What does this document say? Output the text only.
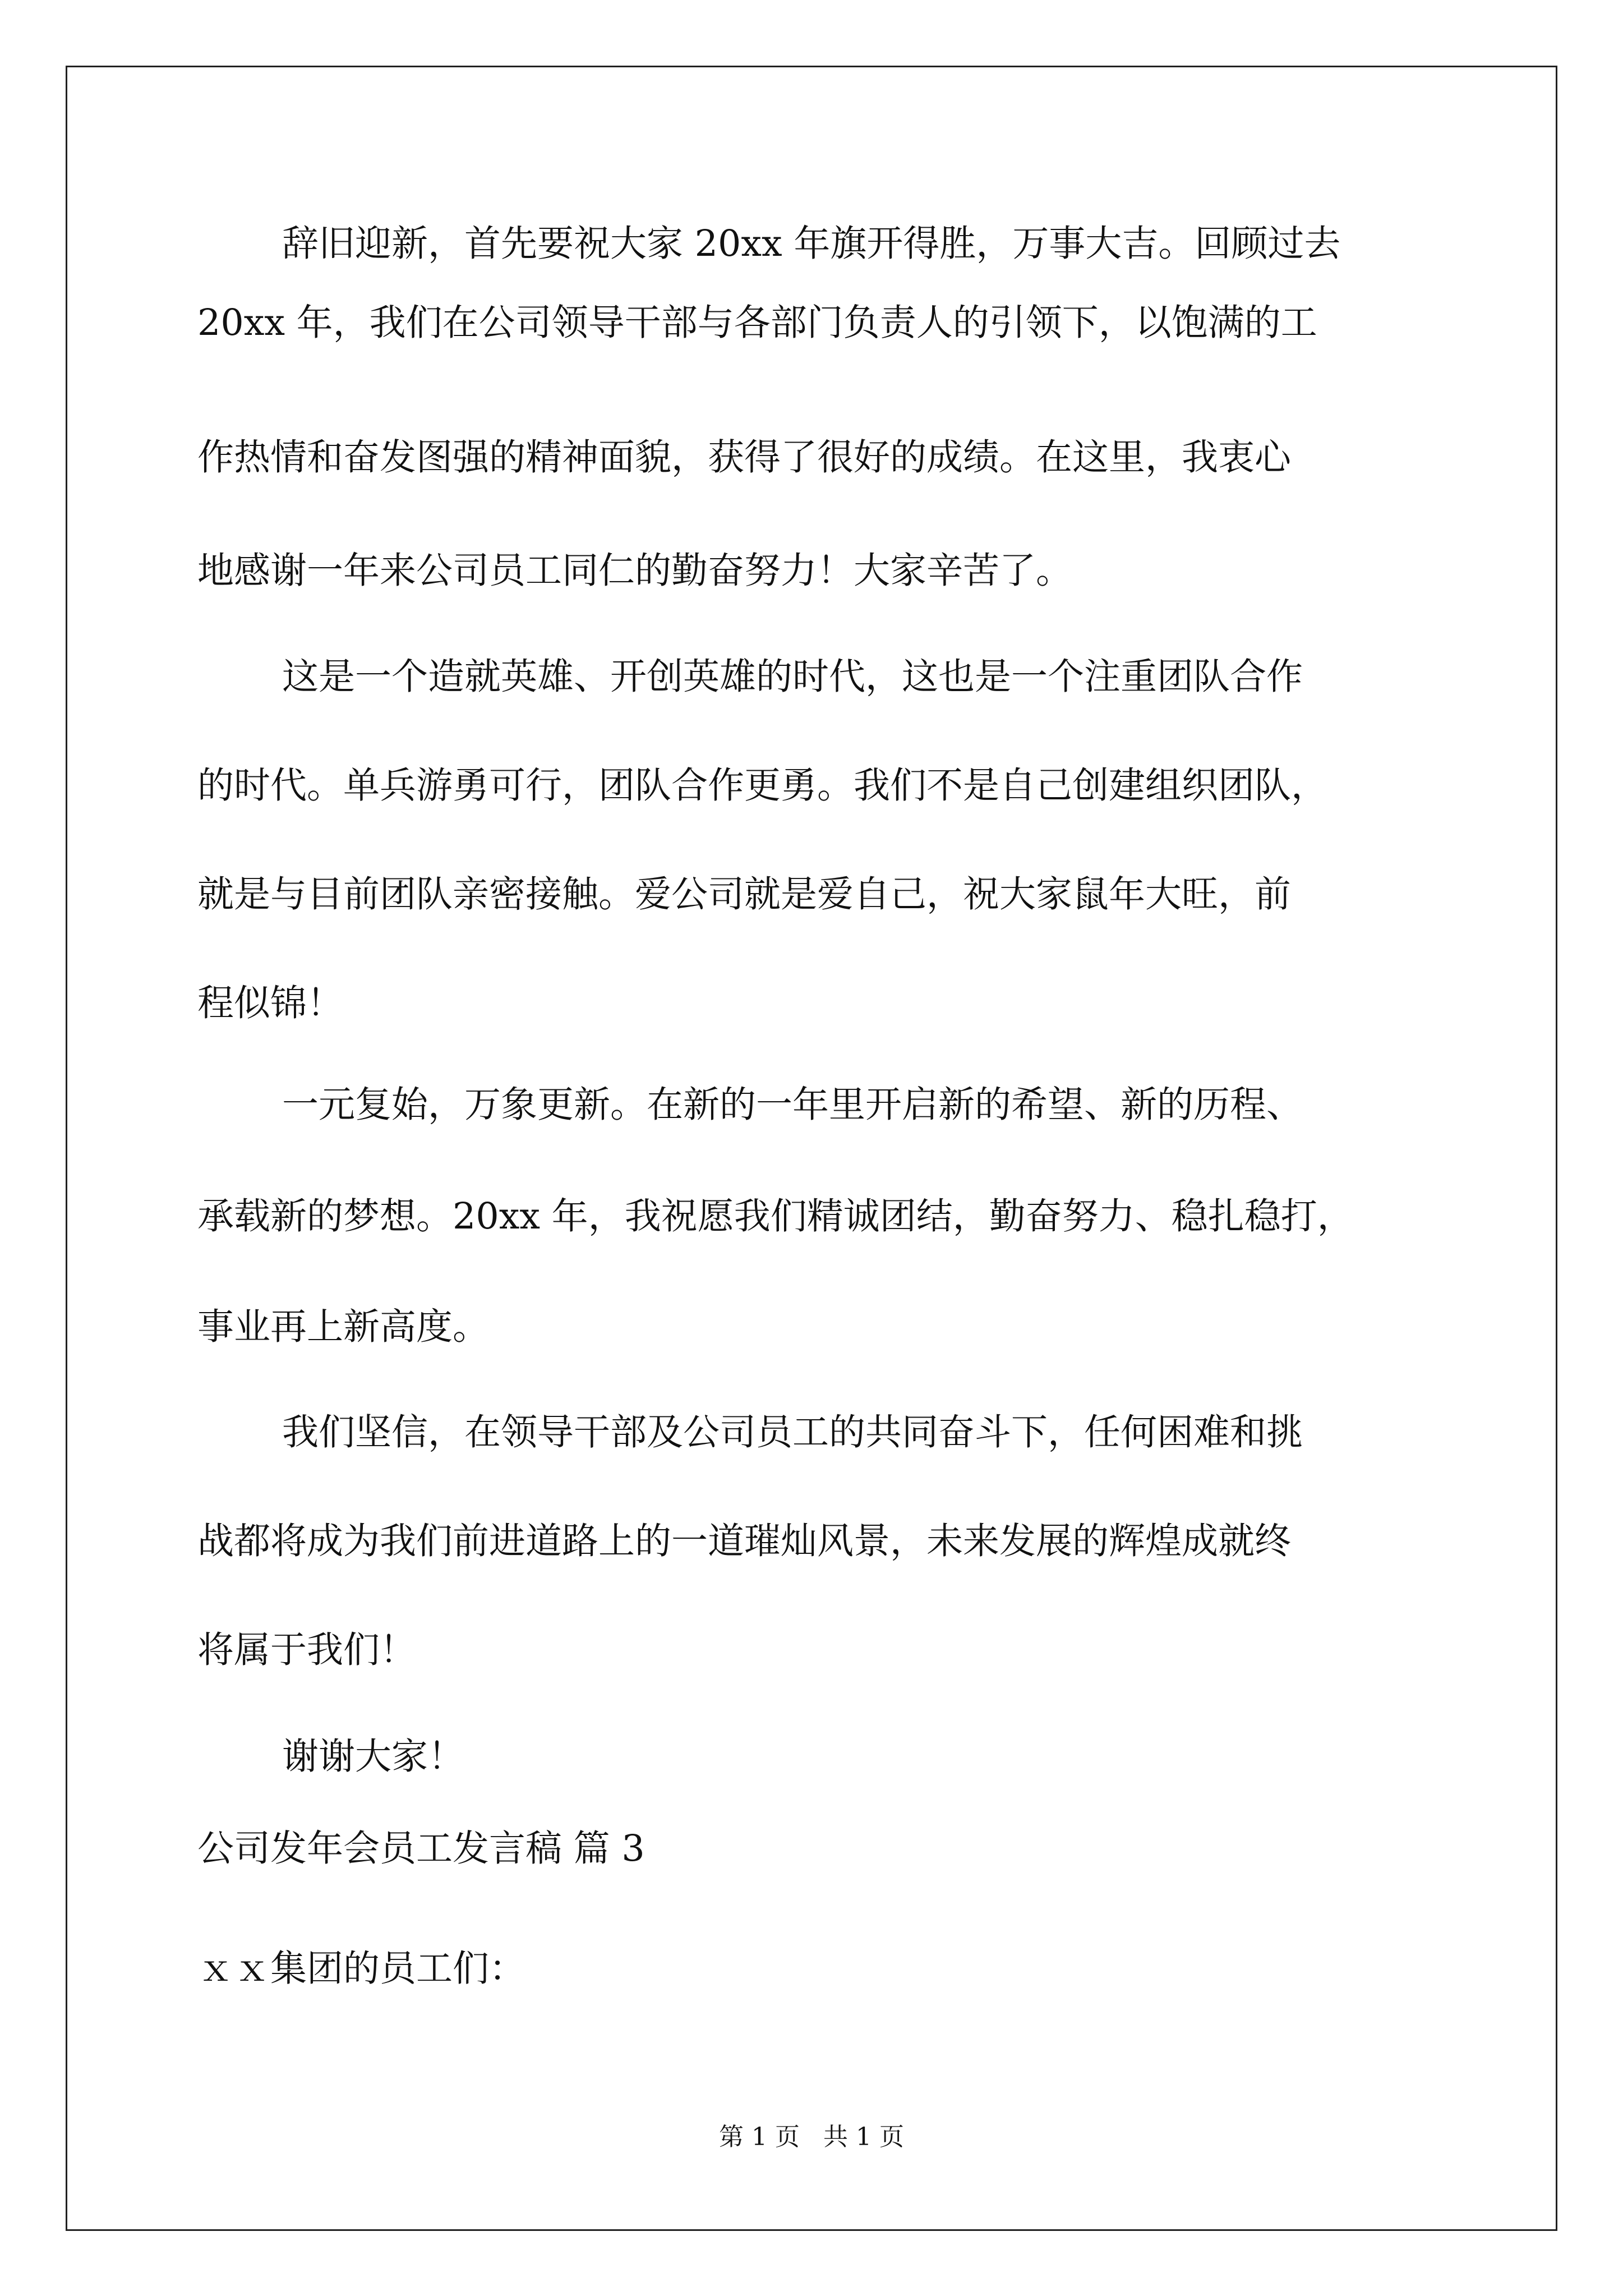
辞旧迎新，首先要祝大家 20xx 年旗开得胜，万事大吉。回顾过去
20xx 年，我们在公司领导干部与各部门负责人的引领下，以饱满的工
作热情和奋发图强的精神面貌，获得了很好的成绩。在这里，我衷心
地感谢一年来公司员工同仁的勤奋努力！大家辛苦了。
这是一个造就英雄、开创英雄的时代，这也是一个注重团队合作
的时代。单兵游勇可行，团队合作更勇。我们不是自己创建组织团队，
就是与目前团队亲密接触。爱公司就是爱自己，祝大家鼠年大旺，前
程似锦！
一元复始，万象更新。在新的一年里开启新的希望、新的历程、
承载新的梦想。20xx 年，我祝愿我们精诚团结，勤奋努力、稳扎稳打，
事业再上新高度。
我们坚信，在领导干部及公司员工的共同奋斗下，任何困难和挑
战都将成为我们前进道路上的一道璀灿风景，未来发展的辉煌成就终
将属于我们！
谢谢大家！
公司发年会员工发言稿 篇 3
ｘｘ集团的员工们：
第 1 页   共 1 页
